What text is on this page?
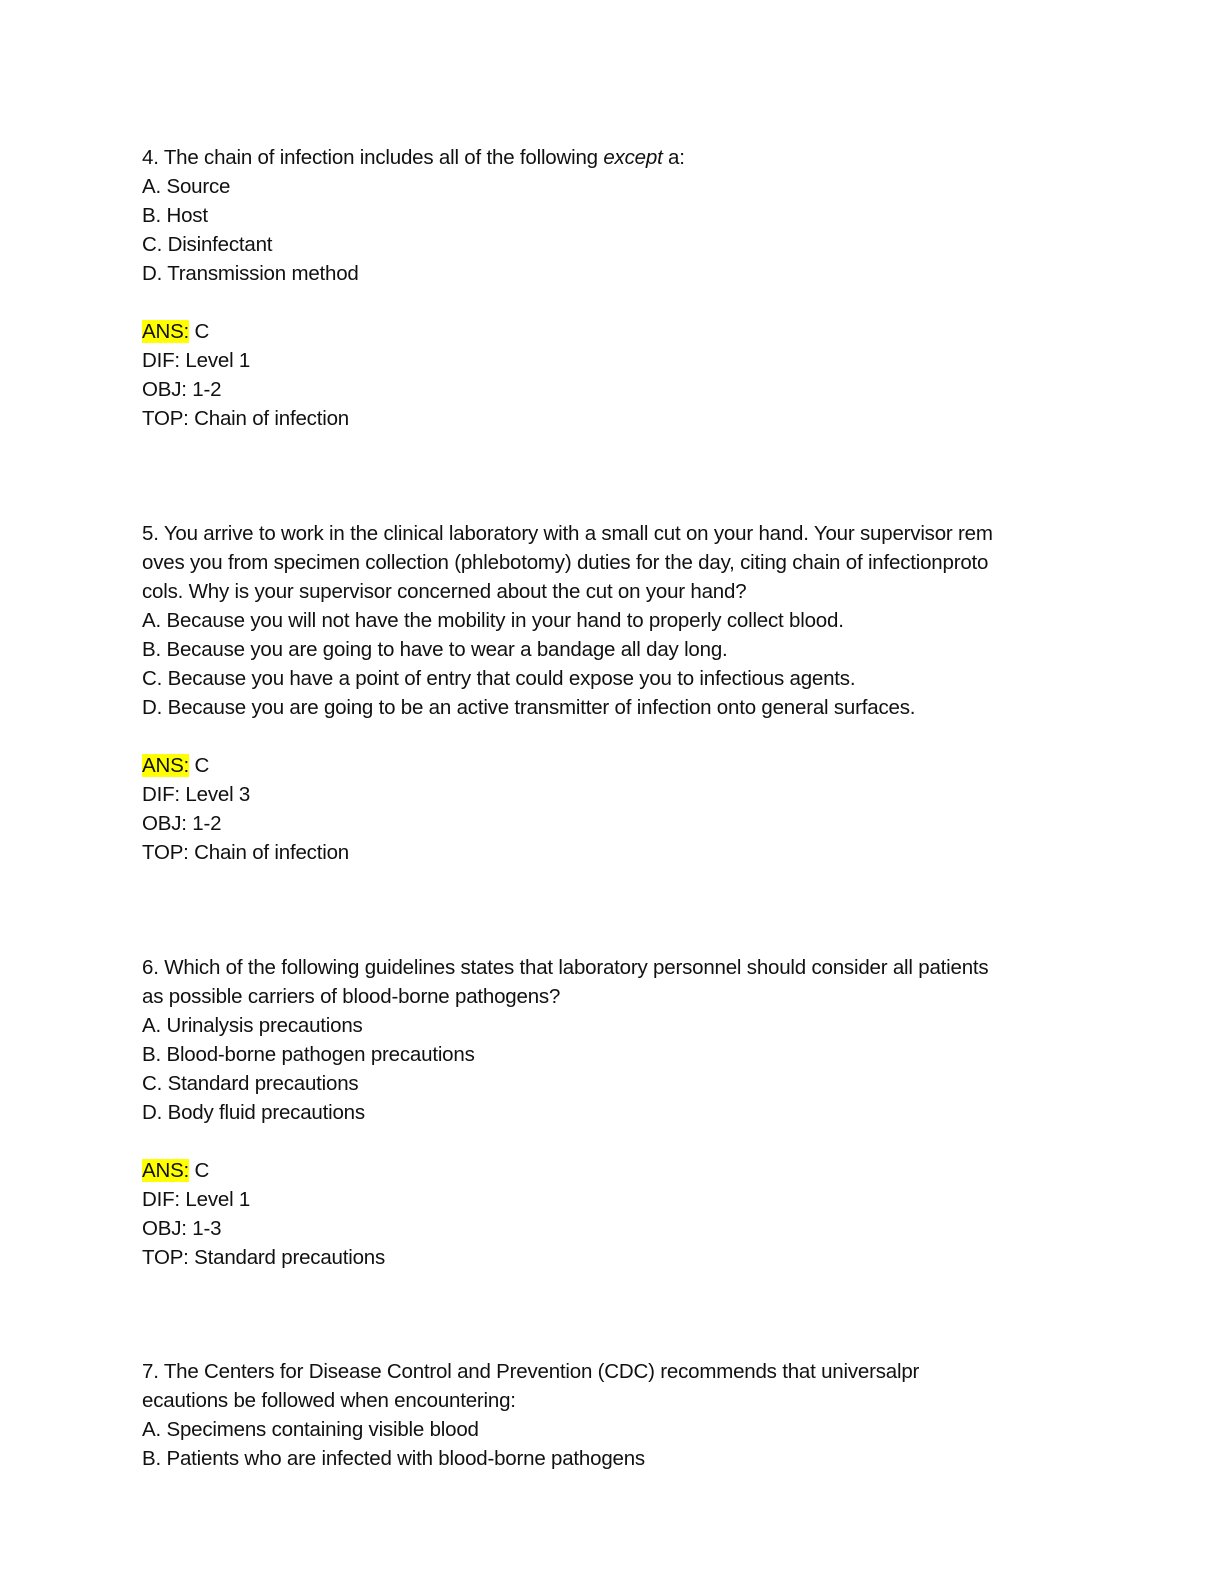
4. The chain of infection includes all of the following except a:
A. Source
B. Host
C. Disinfectant
D. Transmission method
ANS: C
DIF: Level 1
OBJ: 1-2
TOP: Chain of infection
5. You arrive to work in the clinical laboratory with a small cut on your hand. Your supervisor rem
oves you from specimen collection (phlebotomy) duties for the day, citing chain of infectionproto
cols. Why is your supervisor concerned about the cut on your hand?
A. Because you will not have the mobility in your hand to properly collect blood.
B. Because you are going to have to wear a bandage all day long.
C. Because you have a point of entry that could expose you to infectious agents.
D. Because you are going to be an active transmitter of infection onto general surfaces.
ANS: C
DIF: Level 3
OBJ: 1-2
TOP: Chain of infection
6. Which of the following guidelines states that laboratory personnel should consider all patients
as possible carriers of blood-borne pathogens?
A. Urinalysis precautions
B. Blood-borne pathogen precautions
C. Standard precautions
D. Body fluid precautions
ANS: C
DIF: Level 1
OBJ: 1-3
TOP: Standard precautions
7. The Centers for Disease Control and Prevention (CDC) recommends that universalpr
ecautions be followed when encountering:
A. Specimens containing visible blood
B. Patients who are infected with blood-borne pathogens
